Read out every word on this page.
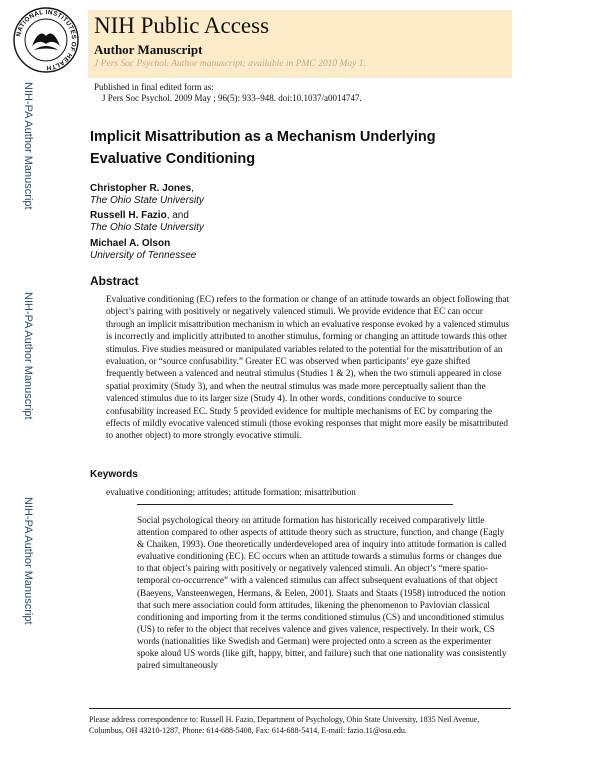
NATIONAL INSTITUTES OF HEALTH
NIH Public Access
Author Manuscript
J Pers Soc Psychol. Author manuscript; available in PMC 2010 May 1.
Published in final edited form as:
J Pers Soc Psychol. 2009 May ; 96(5): 933–948. doi:10.1037/a0014747.
NIH-PA Author Manuscript
NIH-PA Author Manuscript
NIH-PA Author Manuscript
Implicit Misattribution as a Mechanism Underlying Evaluative Conditioning
Christopher R. Jones,
The Ohio State University
Russell H. Fazio, and
The Ohio State University
Michael A. Olson
University of Tennessee
Abstract

Evaluative conditioning (EC) refers to the formation or change of an attitude towards an object following that object’s pairing with positively or negatively valenced stimuli. We provide evidence that EC can occur through an implicit misattribution mechanism in which an evaluative response evoked by a valenced stimulus is incorrectly and implicitly attributed to another stimulus, forming or changing an attitude towards this other stimulus. Five studies measured or manipulated variables related to the potential for the misattribution of an evaluation, or “source confusability.” Greater EC was observed when participants’ eye gaze shifted frequently between a valenced and neutral stimulus (Studies 1 & 2), when the two stimuli appeared in close spatial proximity (Study 3), and when the neutral stimulus was made more perceptually salient than the valenced stimulus due to its larger size (Study 4). In other words, conditions conducive to source confusability increased EC. Study 5 provided evidence for multiple mechanisms of EC by comparing the effects of mildly evocative valenced stimuli (those evoking responses that might more easily be misattributed to another object) to more strongly evocative stimuli.

Keywords

evaluative conditioning; attitudes; attitude formation; misattribution

Social psychological theory on attitude formation has historically received comparatively little attention compared to other aspects of attitude theory such as structure, function, and change (Eagly & Chaiken, 1993). One theoretically underdeveloped area of inquiry into attitude formation is called evaluative conditioning (EC). EC occurs when an attitude towards a stimulus forms or changes due to that object’s pairing with positively or negatively valenced stimuli. An object’s “mere spatio-temporal co-occurrence” with a valenced stimulus can affect subsequent evaluations of that object (Baeyens, Vansteenwegen, Hermans, & Eelen, 2001). Staats and Staats (1958) introduced the notion that such mere association could form attitudes, likening the phenomenon to Pavlovian classical conditioning and importing from it the terms conditioned stimulus (CS) and unconditioned stimulus (US) to refer to the object that receives valence and gives valence, respectively. In their work, CS words (nationalities like Swedish and German) were projected onto a screen as the experimenter spoke aloud US words (like gift, happy, bitter, and failure) such that one nationality was consistently paired simultaneously

Please address correspondence to: Russell H. Fazio, Department of Psychology, Ohio State University, 1835 Neil Avenue, Columbus, OH 43210-1287, Phone: 614-688-5408, Fax: 614-688-5414, E-mail: fazio.11@osu.edu.
